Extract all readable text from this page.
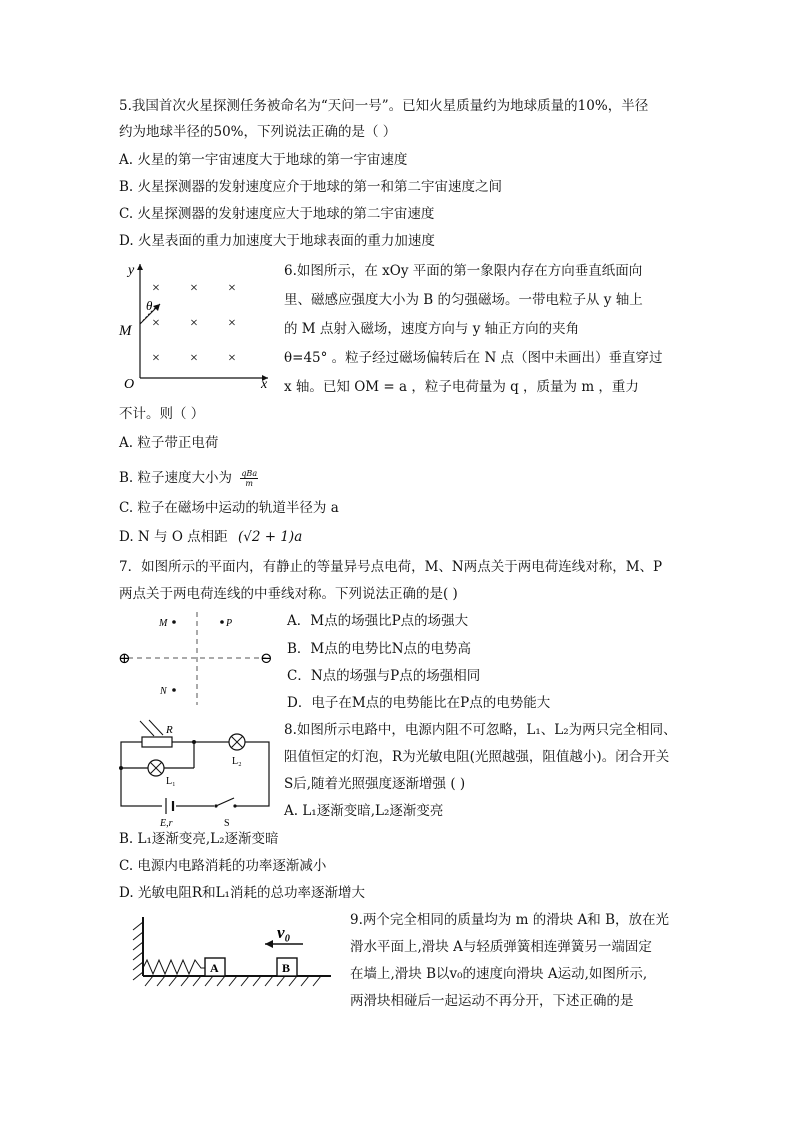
5.我国首次火星探测任务被命名为“天问一号”。已知火星质量约为地球质量的10%，半径
约为地球半径的50%，下列说法正确的是（ ）
A. 火星的第一宇宙速度大于地球的第一宇宙速度
B. 火星探测器的发射速度应介于地球的第一和第二宇宙速度之间
C. 火星探测器的发射速度应大于地球的第二宇宙速度
D. 火星表面的重力加速度大于地球表面的重力加速度
y
x
O
M
θ
× × ×
× × ×
× × ×
6.如图所示，在 xOy 平面的第一象限内存在方向垂直纸面向
里、磁感应强度大小为 B 的匀强磁场。一带电粒子从 y 轴上
的 M 点射入磁场，速度方向与 y 轴正方向的夹角
θ=45° 。粒子经过磁场偏转后在 N 点（图中未画出）垂直穿过
x 轴。已知 OM = a ，粒子电荷量为 q ，质量为 m ，重力
不计。则（ ）
A. 粒子带正电荷
B. 粒子速度大小为 qBa
m
C. 粒子在磁场中运动的轨道半径为 a
D. N 与 O 点相距 (√2 + 1)a
7．如图所示的平面内，有静止的等量异号点电荷，M、N两点关于两电荷连线对称，M、P
两点关于两电荷连线的中垂线对称。下列说法正确的是( )
⊕	⊖
M	P
N
A．M点的场强比P点的场强大
B．M点的电势比N点的电势高
C．N点的场强与P点的场强相同
D．电子在M点的电势能比在P点的电势能大
R
L₁
L₂
E,r	S
8.如图所示电路中，电源内阻不可忽略，L₁、L₂为两只完全相同、
阻值恒定的灯泡，R为光敏电阻(光照越强，阻值越小)。闭合开关
S后,随着光照强度逐渐增强 ( )
A. L₁逐渐变暗,L₂逐渐变亮
B. L₁逐渐变亮,L₂逐渐变暗
C. 电源内电路消耗的功率逐渐减小
D. 光敏电阻R和L₁消耗的总功率逐渐增大
A	B
v₀
9.两个完全相同的质量均为 m 的滑块 A和 B，放在光
滑水平面上,滑块 A与轻质弹簧相连弹簧另一端固定
在墙上,滑块 B以v₀的速度向滑块 A运动,如图所示,
两滑块相碰后一起运动不再分开，下述正确的是
